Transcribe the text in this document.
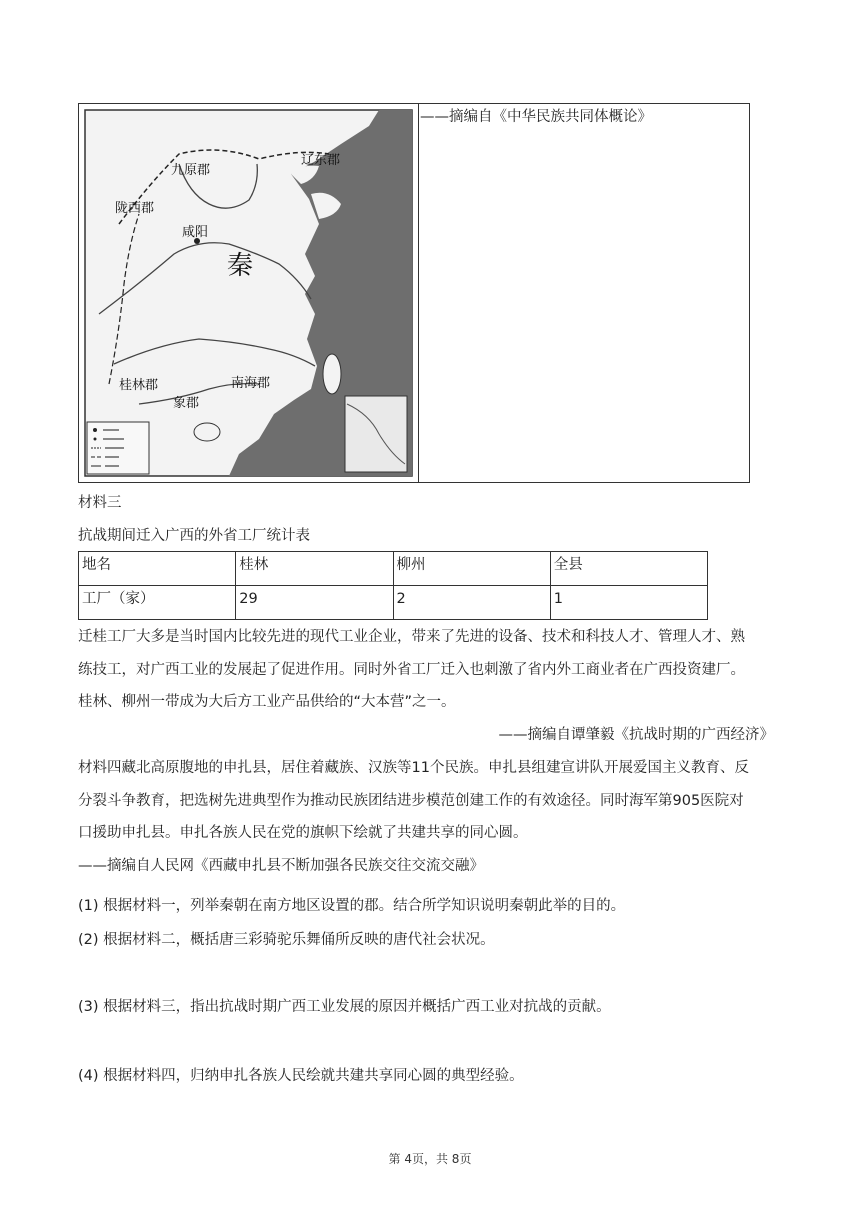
九原郡
陇西郡
辽东郡
咸阳
秦
桂林郡	南海郡
象郡
——摘编自《中华民族共同体概论》
材料三
抗战期间迁入广西的外省工厂统计表
地名	桂林	柳州	全县
工厂（家）	29	2	1
迁桂工厂大多是当时国内比较先进的现代工业企业，带来了先进的设备、技术和科技人才、管理人才、熟
练技工，对广西工业的发展起了促进作用。同时外省工厂迁入也刺激了省内外工商业者在广西投资建厂。
桂林、柳州一带成为大后方工业产品供给的“大本营”之一。
——摘编自谭肇毅《抗战时期的广西经济》
材料四藏北高原腹地的申扎县，居住着藏族、汉族等11个民族。申扎县组建宣讲队开展爱国主义教育、反
分裂斗争教育，把选树先进典型作为推动民族团结进步模范创建工作的有效途径。同时海军第905医院对
口援助申扎县。申扎各族人民在党的旗帜下绘就了共建共享的同心圆。
——摘编自人民网《西藏申扎县不断加强各民族交往交流交融》
(1) 根据材料一，列举秦朝在南方地区设置的郡。结合所学知识说明秦朝此举的目的。
(2) 根据材料二，概括唐三彩骑驼乐舞俑所反映的唐代社会状况。
(3) 根据材料三，指出抗战时期广西工业发展的原因并概括广西工业对抗战的贡献。
(4) 根据材料四，归纳申扎各族人民绘就共建共享同心圆的典型经验。
第 4页，共 8页
